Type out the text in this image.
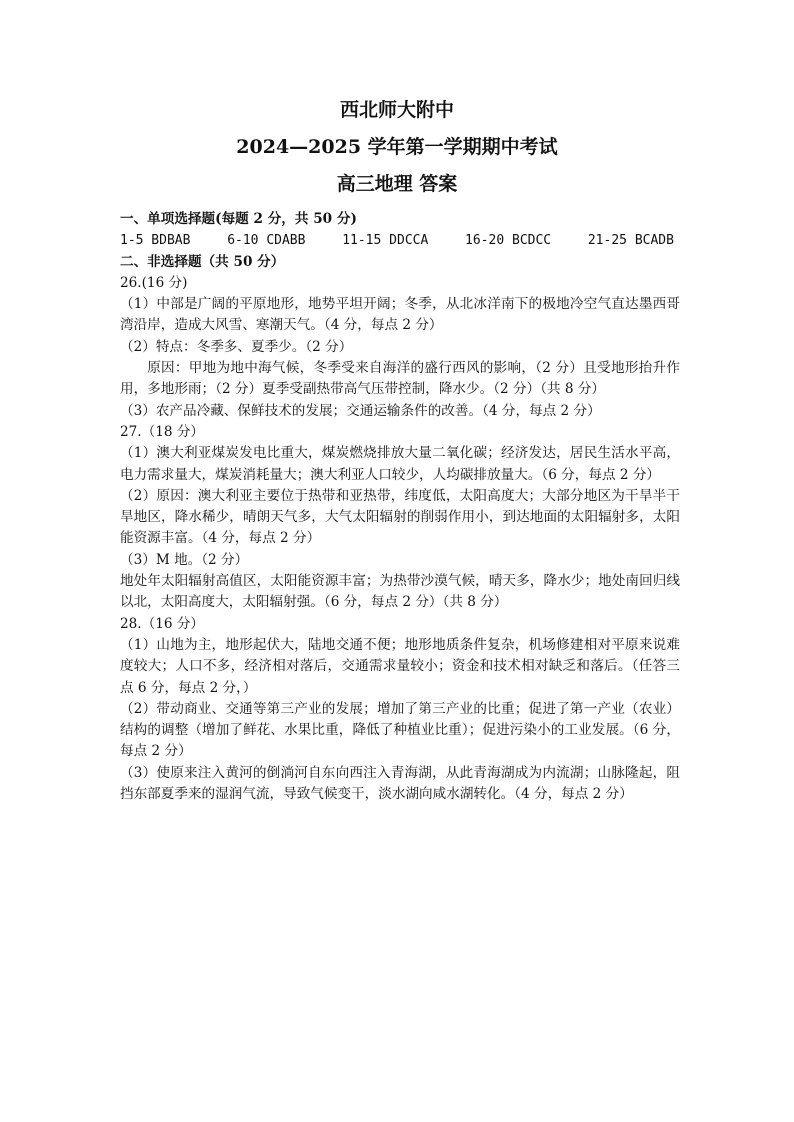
西北师大附中

2024—2025 学年第一学期期中考试

高三地理 答案

一、单项选择题(每题 2 分，共 50 分)

1-5 BDBAB	6-10 CDABB	11-15 DDCCA	16-20 BCDCC	21-25 BCADB

二、非选择题（共 50 分）

26.(16 分)

（1）中部是广阔的平原地形，地势平坦开阔；冬季，从北冰洋南下的极地冷空气直达墨西哥湾沿岸，造成大风雪、寒潮天气。（4 分，每点 2 分）

（2）特点：冬季多、夏季少。（2 分）

原因：甲地为地中海气候，冬季受来自海洋的盛行西风的影响，（2 分）且受地形抬升作用，多地形雨；（2 分）夏季受副热带高气压带控制，降水少。（2 分）（共 8 分）

（3）农产品冷藏、保鲜技术的发展；交通运输条件的改善。（4 分，每点 2 分）

27.（18 分）

（1）澳大利亚煤炭发电比重大，煤炭燃烧排放大量二氧化碳；经济发达，居民生活水平高，电力需求量大，煤炭消耗量大；澳大利亚人口较少，人均碳排放量大。（6 分，每点 2 分）

（2）原因：澳大利亚主要位于热带和亚热带，纬度低，太阳高度大；大部分地区为干旱半干旱地区，降水稀少，晴朗天气多，大气太阳辐射的削弱作用小，到达地面的太阳辐射多，太阳能资源丰富。（4 分，每点 2 分）

（3）M 地。（2 分）

地处年太阳辐射高值区，太阳能资源丰富；为热带沙漠气候，晴天多，降水少；地处南回归线以北，太阳高度大，太阳辐射强。（6 分，每点 2 分）（共 8 分）

28.（16 分）

（1）山地为主，地形起伏大，陆地交通不便；地形地质条件复杂，机场修建相对平原来说难度较大；人口不多，经济相对落后，交通需求量较小；资金和技术相对缺乏和落后。（任答三点 6 分，每点 2 分，）

（2）带动商业、交通等第三产业的发展；增加了第三产业的比重；促进了第一产业（农业）结构的调整（增加了鲜花、水果比重，降低了种植业比重）；促进污染小的工业发展。（6 分，每点 2 分）

（3）使原来注入黄河的倒淌河自东向西注入青海湖，从此青海湖成为内流湖；山脉隆起，阻挡东部夏季来的湿润气流，导致气候变干，淡水湖向咸水湖转化。（4 分，每点 2 分）
